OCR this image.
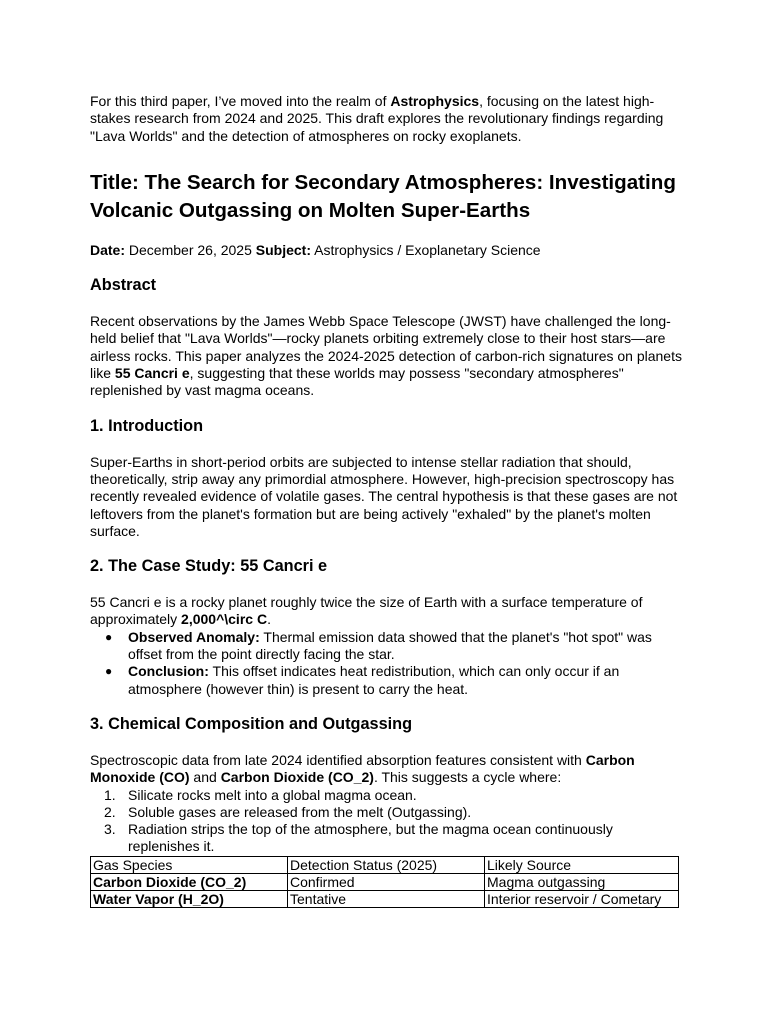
For this third paper, I’ve moved into the realm of Astrophysics, focusing on the latest high-stakes research from 2024 and 2025. This draft explores the revolutionary findings regarding "Lava Worlds" and the detection of atmospheres on rocky exoplanets.

Title: The Search for Secondary Atmospheres: Investigating Volcanic Outgassing on Molten Super-Earths

Date: December 26, 2025 Subject: Astrophysics / Exoplanetary Science

Abstract

Recent observations by the James Webb Space Telescope (JWST) have challenged the long-held belief that "Lava Worlds"—rocky planets orbiting extremely close to their host stars—are airless rocks. This paper analyzes the 2024-2025 detection of carbon-rich signatures on planets like 55 Cancri e, suggesting that these worlds may possess "secondary atmospheres" replenished by vast magma oceans.

1. Introduction

Super-Earths in short-period orbits are subjected to intense stellar radiation that should, theoretically, strip away any primordial atmosphere. However, high-precision spectroscopy has recently revealed evidence of volatile gases. The central hypothesis is that these gases are not leftovers from the planet's formation but are being actively "exhaled" by the planet's molten surface.

2. The Case Study: 55 Cancri e

55 Cancri e is a rocky planet roughly twice the size of Earth with a surface temperature of approximately 2,000^\circ C.

● Observed Anomaly: Thermal emission data showed that the planet's "hot spot" was offset from the point directly facing the star.
● Conclusion: This offset indicates heat redistribution, which can only occur if an atmosphere (however thin) is present to carry the heat.
3. Chemical Composition and Outgassing

Spectroscopic data from late 2024 identified absorption features consistent with Carbon Monoxide (CO) and Carbon Dioxide (CO_2). This suggests a cycle where:

1. Silicate rocks melt into a global magma ocean.
2. Soluble gases are released from the melt (Outgassing).
3. Radiation strips the top of the atmosphere, but the magma ocean continuously replenishes it.
Gas Species	Detection Status (2025)	Likely Source
Carbon Dioxide (CO_2)	Confirmed	Magma outgassing
Water Vapor (H_2O)	Tentative	Interior reservoir / Cometary
